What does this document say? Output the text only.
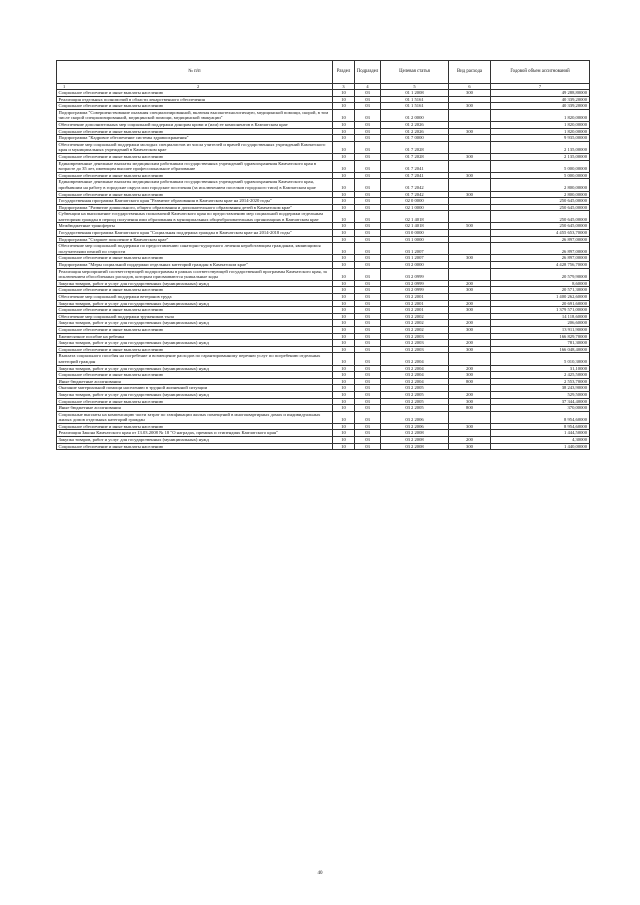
№ п/п	Раздел	Подраздел	Целевая статья	Вид расхода	Годовой объем ассигнований
1 2	3	4	5	6	7
Социальное обеспечение и иные выплаты населению	10	03	01 1 2008	300	49 288,80000
Реализация отдельных полномочий в области лекарственного обеспечения	10	03	01 1 5161		40 339,20000
Социальное обеспечение и иные выплаты населению	10	03	01 1 5161	300	40 339,20000
Подпрограмма "Совершенствование оказания специализированной, включая высокотехнологичную, медицинской помощи, скорой, в том числе скорой специализированной, медицинской помощи, медицинской эвакуации"	10	03	01 2 0000		1 820,00000
Обеспечение дополнительных мер социальной поддержки донорам крови и (или) ее компонентов в Камчатском крае	10	03	01 2 2026		1 820,00000
Социальное обеспечение и иные выплаты населению	10	03	01 2 2026	300	1 820,00000
Подпрограмма "Кадровое обеспечение системы здравоохранения"	10	03	01 7 0000		9 935,00000
Обеспечение мер социальной поддержки молодых специалистов из числа учителей и врачей государственных учреждений Камчатского края и муниципальных учреждений в Камчатском крае	10	03	01 7 2028		2 135,00000
Социальное обеспечение и иные выплаты населению	10	03	01 7 2028	300	2 135,00000
Единовременные денежные выплаты медицинским работникам государственных учреждений здравоохранения Камчатского края в возрасте до 35 лет, имеющим высшее профессиональное образование	10	03	01 7 2041		5 000,00000
Социальное обеспечение и иные выплаты населению	10	03	01 7 2041	300	5 000,00000
Единовременные денежные выплаты медицинским работникам государственных учреждений здравоохранения Камчатского края, прибывшим на работу в городские округа или городские поселения (за исключением поселков городского типа) в Камчатском крае	10	03	01 7 2042		2 800,00000
Социальное обеспечение и иные выплаты населению	10	03	01 7 2042	300	2 800,00000
Государственная программа Камчатского края "Развитие образования в Камчатском крае на 2014-2020 годы"	10	03	02 0 0000		250 645,00000
Подпрограмма "Развитие дошкольного, общего образования и дополнительного образования детей в Камчатском крае"	10	03	02 1 0000		250 645,00000
Субвенции на выполнение государственных полномочий Камчатского края по предоставлению мер социальной поддержки отдельным категориям граждан в период получения ими образования в муниципальных общеобразовательных организациях в Камчатском крае	10	03	02 1 4018		250 645,00000
Межбюджетные трансферты	10	03	02 1 4018	500	250 645,00000
Государственная программа Камчатского края "Социальная поддержка граждан в Камчатском крае на 2014-2018 годы"	10	03	03 0 0000		4 455 653,70000
Подпрограмма "Старшее поколение в Камчатском крае"	10	03	03 1 0000		26 897,00000
Обеспечение мер социальной поддержки по предоставлению санаторно-курортного лечения неработающим гражданам, являющимся получателями пенсий по старости	10	03	03 1 2007		26 897,00000
Социальное обеспечение и иные выплаты населению	10	03	03 1 2007	300	26 897,00000
Подпрограмма "Меры социальной поддержки отдельных категорий граждан в Камчатском крае"	10	03	03 2 0000		4 428 756,70000
Реализация мероприятий соответствующей подпрограммы в рамках соответствующей государственной программы Камчатского края, за исключением обособленных расходов, которым присваиваются уникальные коды	10	03	03 2 0999		20 579,90000
Закупка товаров, работ и услуг для государственных (муниципальных) нужд	10	03	03 2 0999	200	8,60000
Социальное обеспечение и иные выплаты населению	10	03	03 2 0999	300	20 571,30000
Обеспечение мер социальной поддержки ветеранов труда	10	03	03 2 2001		1 400 262,60000
Закупка товаров, работ и услуг для государственных (муниципальных) нужд	10	03	03 2 2001	200	20 691,60000
Социальное обеспечение и иные выплаты населению	10	03	03 2 2001	300	1 379 571,00000
Обеспечение мер социальной поддержки тружеников тыла	10	03	03 2 2002		14 118,60000
Закупка товаров, работ и услуг для государственных (муниципальных) нужд	10	03	03 2 2002	200	206,60000
Социальное обеспечение и иные выплаты населению	10	03	03 2 2002	300	13 911,90000
Ежемесячное пособие на ребенка	10	03	03 2 2003		166 829,70000
Закупка товаров, работ и услуг для государственных (муниципальных) нужд	10	03	03 2 2003	200	781,30000
Социальное обеспечение и иные выплаты населению	10	03	03 2 2003	300	166 048,40000
Выплата социального пособия на погребение и возмещение расходов по гарантированному перечню услуг по погребению отдельных категорий граждан	10	03	03 2 2004		5 010,30000
Закупка товаров, работ и услуг для государственных (муниципальных) нужд	10	03	03 2 2004	200	31,10000
Социальное обеспечение и иные выплаты населению	10	03	03 2 2004	300	2 425,50000
Иные бюджетные ассигнования	10	03	03 2 2004	800	2 553,70000
Оказание материальной помощи населению в трудной жизненной ситуации	10	03	03 2 2005		38 243,90000
Закупка товаров, работ и услуг для государственных (муниципальных) нужд	10	03	03 2 2005	200	529,50000
Социальное обеспечение и иные выплаты населению	10	03	03 2 2005	300	37 344,40000
Иные бюджетные ассигнования	10	03	03 2 2005	800	370,00000
Социальные выплаты на компенсацию части затрат по газификации жилых помещений в многоквартирных домах и индивидуальных жилых домов отдельных категорий граждан	10	03	03 2 2006		8 954,60000
Социальное обеспечение и иные выплаты населению	10	03	03 2 2006	300	8 954,60000
Реализация Закона Камчатского края от 13.03.2008 № 18 "О наградах, премиях и стипендиях Камчатского края"	10	03	03 2 2008		1 444,50000
Закупка товаров, работ и услуг для государственных (муниципальных) нужд	10	03	03 2 2008	200	4,30000
Социальное обеспечение и иные выплаты населению	10	03	03 2 2008	300	1 440,00000
40
